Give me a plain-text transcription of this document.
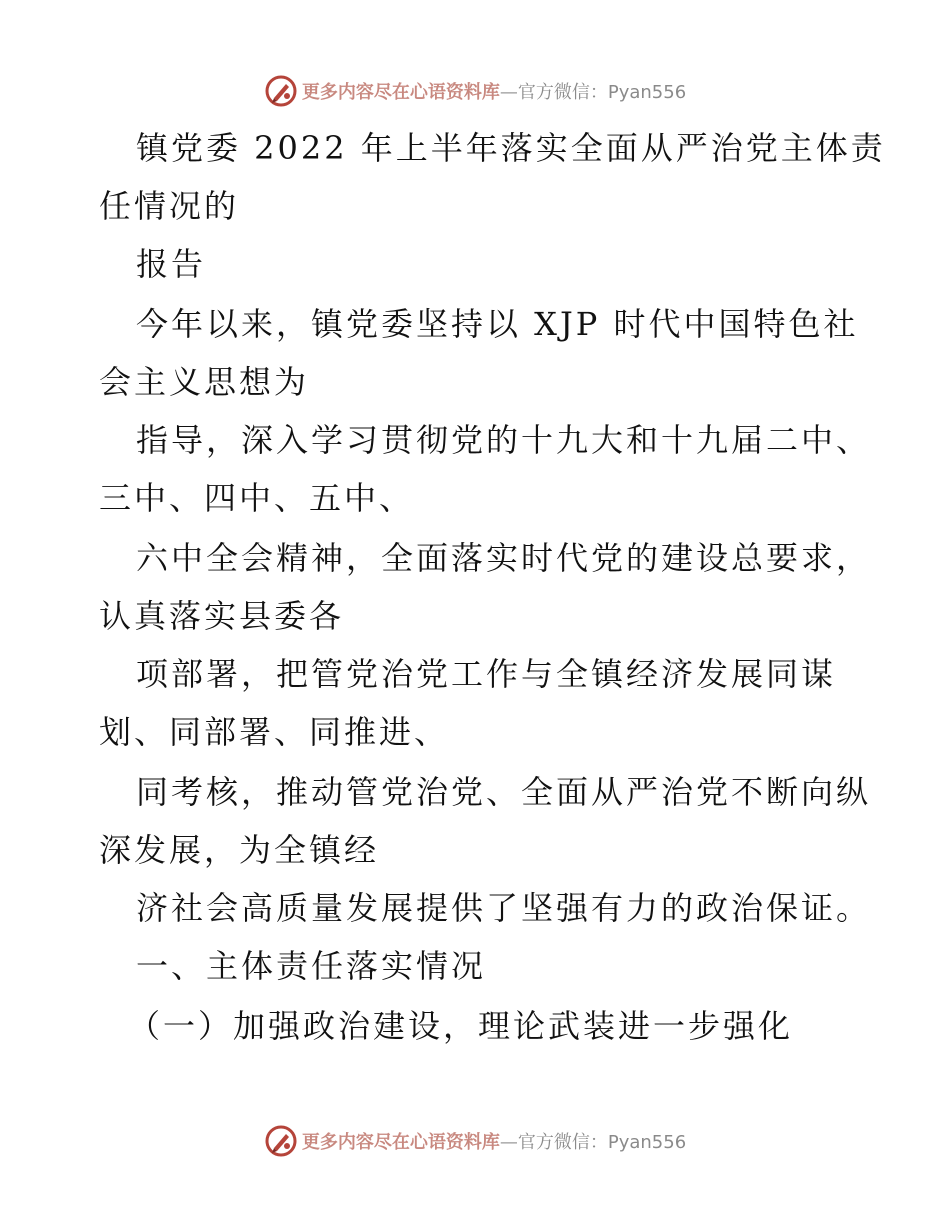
更多内容尽在心语资料库—官方微信：Pyan556
镇党委 2022 年上半年落实全面从严治党主体责
任情况的
报告
今年以来，镇党委坚持以 XJP 时代中国特色社
会主义思想为
指导，深入学习贯彻党的十九大和十九届二中、
三中、四中、五中、
六中全会精神，全面落实时代党的建设总要求，
认真落实县委各
项部署，把管党治党工作与全镇经济发展同谋
划、同部署、同推进、
同考核，推动管党治党、全面从严治党不断向纵
深发展，为全镇经
济社会高质量发展提供了坚强有力的政治保证。
一、主体责任落实情况
（一）加强政治建设，理论武装进一步强化
更多内容尽在心语资料库—官方微信：Pyan556
